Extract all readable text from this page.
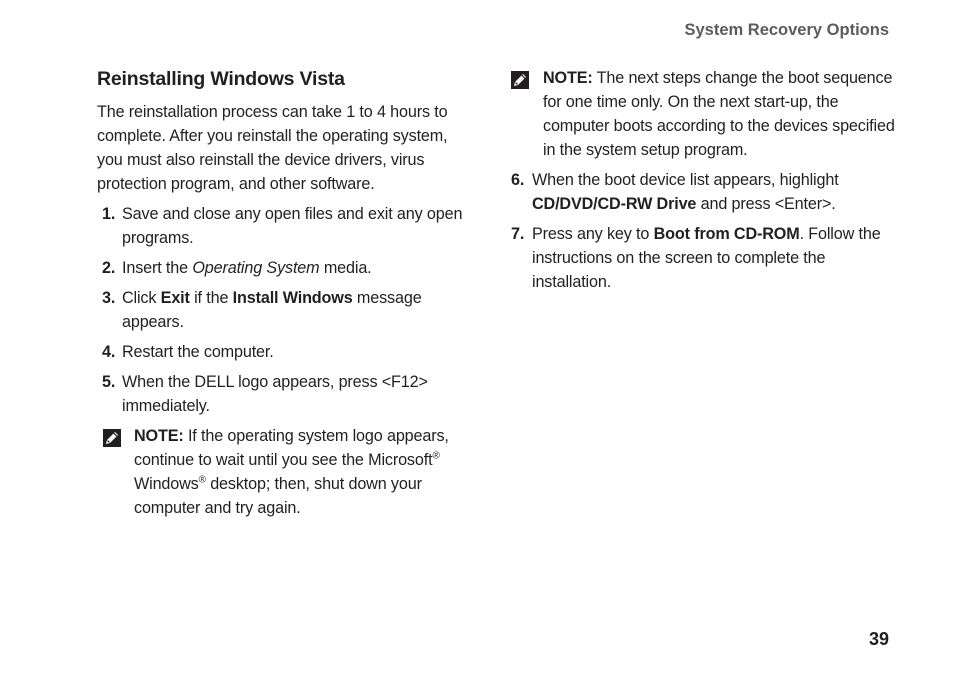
System Recovery Options
Reinstalling Windows Vista

The reinstallation process can take 1 to 4 hours to complete. After you reinstall the operating system, you must also reinstall the device drivers, virus protection program, and other software.

1. Save and close any open files and exit any open programs.
2. Insert the Operating System media.
3. Click Exit if the Install Windows message appears.
4. Restart the computer.
5. When the DELL logo appears, press <F12> immediately.
NOTE: If the operating system logo appears, continue to wait until you see the Microsoft® Windows® desktop; then, shut down your computer and try again.
NOTE: The next steps change the boot sequence for one time only. On the next start-up, the computer boots according to the devices specified in the system setup program.
6. When the boot device list appears, highlight CD/DVD/CD-RW Drive and press <Enter>.
7. Press any key to Boot from CD-ROM. Follow the instructions on the screen to complete the installation.
39
